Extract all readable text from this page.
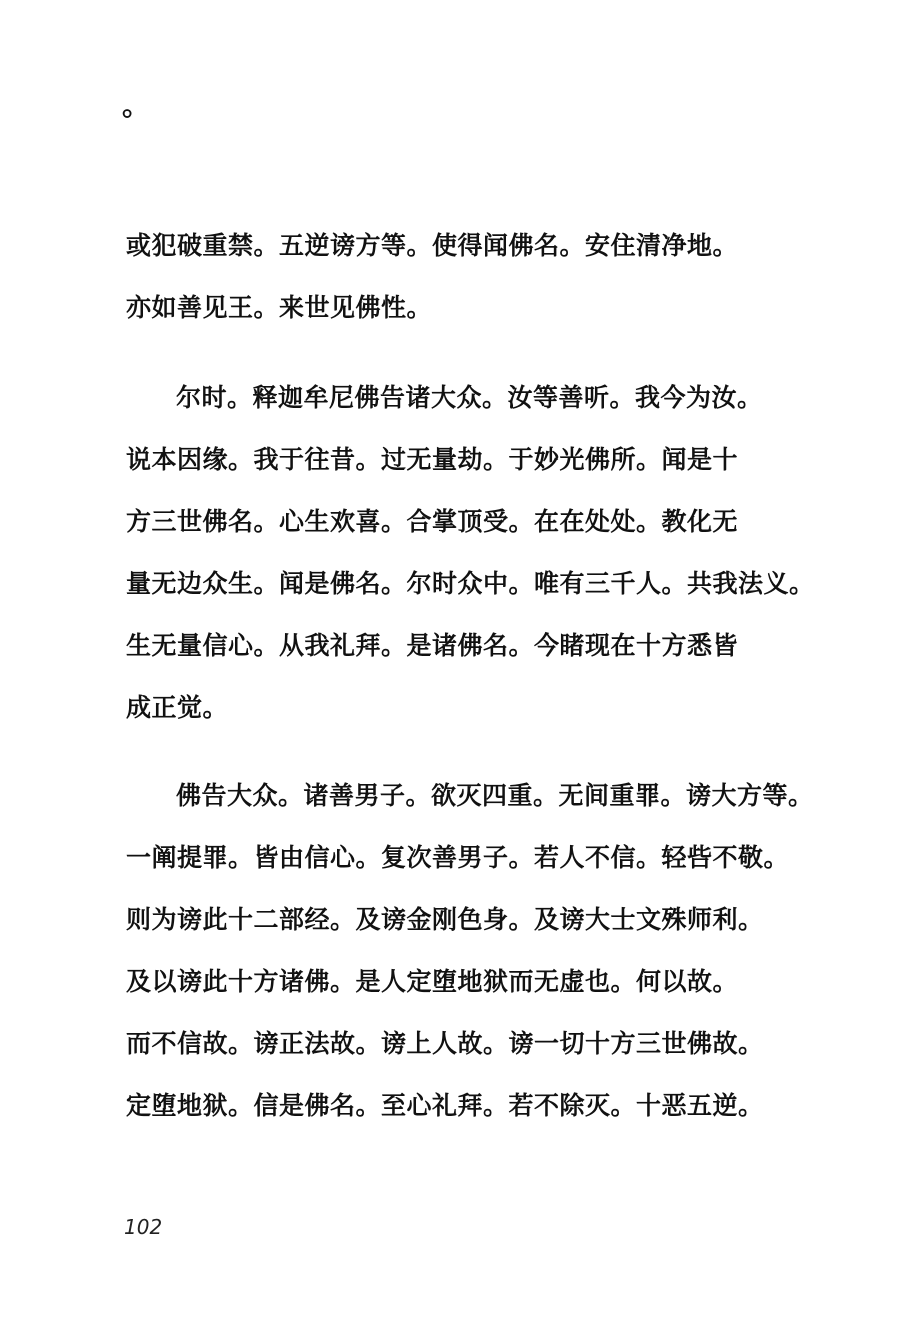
。
或犯破重禁。五逆谤方等。使得闻佛名。安住清净地。
亦如善见王。来世见佛性。
尔时。释迦牟尼佛告诸大众。汝等善听。我今为汝。
说本因缘。我于往昔。过无量劫。于妙光佛所。闻是十
方三世佛名。心生欢喜。合掌顶受。在在处处。教化无
量无边众生。闻是佛名。尔时众中。唯有三千人。共我法义。
生无量信心。从我礼拜。是诸佛名。今睹现在十方悉皆
成正觉。
佛告大众。诸善男子。欲灭四重。无间重罪。谤大方等。
一阐提罪。皆由信心。复次善男子。若人不信。轻呰不敬。
则为谤此十二部经。及谤金刚色身。及谤大士文殊师利。
及以谤此十方诸佛。是人定堕地狱而无虚也。何以故。
而不信故。谤正法故。谤上人故。谤一切十方三世佛故。
定堕地狱。信是佛名。至心礼拜。若不除灭。十恶五逆。
102
